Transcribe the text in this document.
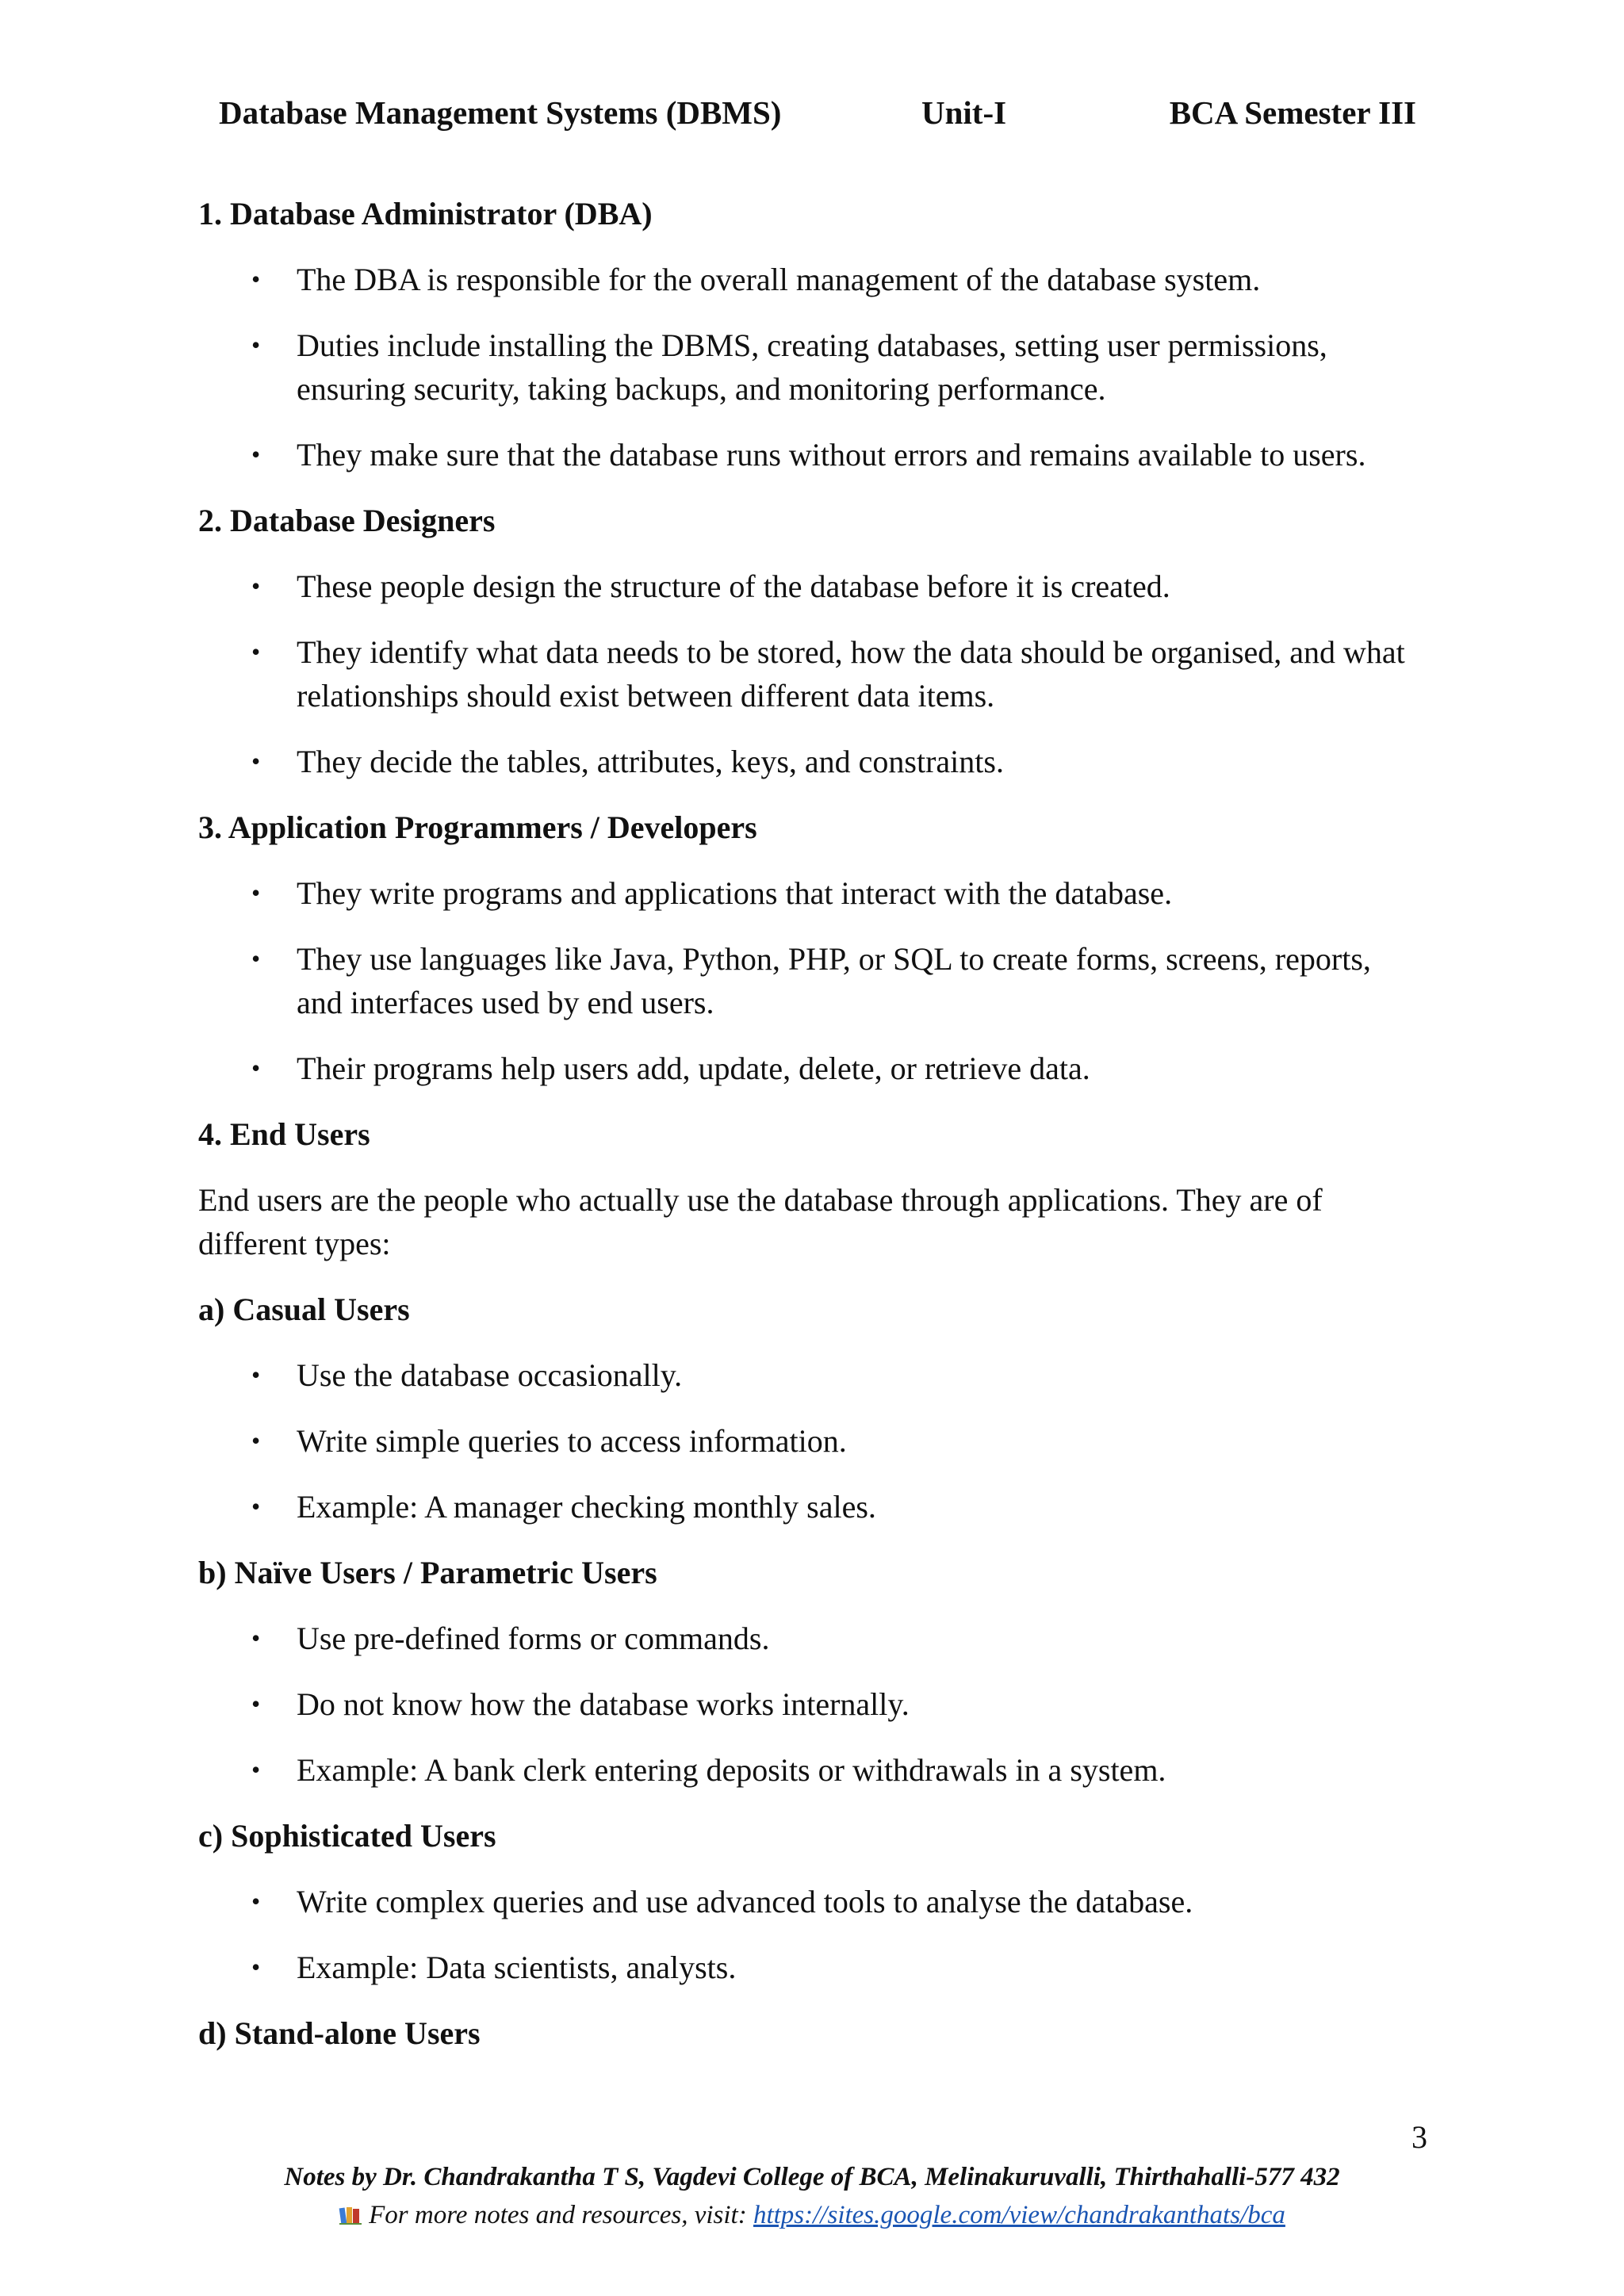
Database Management Systems (DBMS)	Unit-I	BCA Semester III
1. Database Administrator (DBA)
• The DBA is responsible for the overall management of the database system.
• Duties include installing the DBMS, creating databases, setting user permissions, ensuring security, taking backups, and monitoring performance.
• They make sure that the database runs without errors and remains available to users.
2. Database Designers
• These people design the structure of the database before it is created.
• They identify what data needs to be stored, how the data should be organised, and what relationships should exist between different data items.
• They decide the tables, attributes, keys, and constraints.
3. Application Programmers / Developers
• They write programs and applications that interact with the database.
• They use languages like Java, Python, PHP, or SQL to create forms, screens, reports, and interfaces used by end users.
• Their programs help users add, update, delete, or retrieve data.
4. End Users

End users are the people who actually use the database through applications. They are of different types:

a) Casual Users
• Use the database occasionally.
• Write simple queries to access information.
• Example: A manager checking monthly sales.
b) Naïve Users / Parametric Users
• Use pre-defined forms or commands.
• Do not know how the database works internally.
• Example: A bank clerk entering deposits or withdrawals in a system.
c) Sophisticated Users
• Write complex queries and use advanced tools to analyse the database.
• Example: Data scientists, analysts.
d) Stand-alone Users
3
Notes by Dr. Chandrakantha T S, Vagdevi College of BCA, Melinakuruvalli, Thirthahalli-577 432
For more notes and resources, visit: https://sites.google.com/view/chandrakanthats/bca
